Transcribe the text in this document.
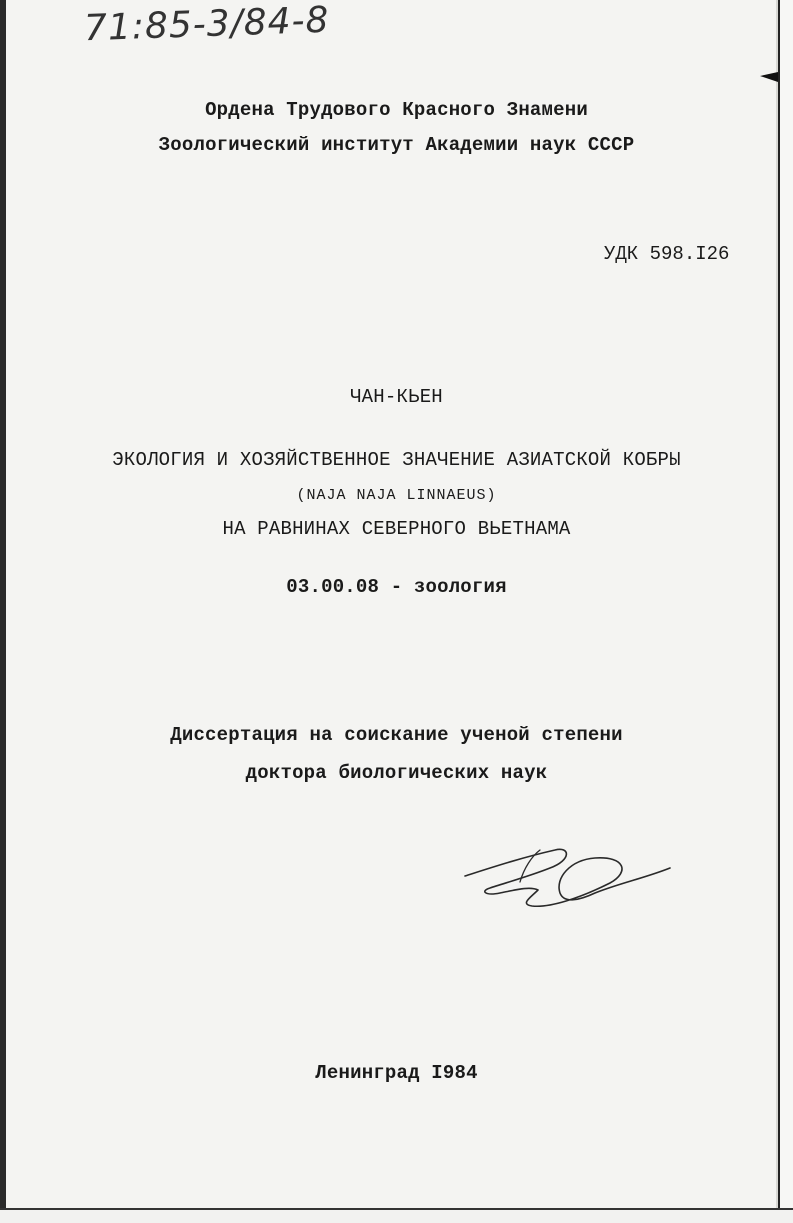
71:85-3/84-8
Ордена Трудового Красного Знамени
Зоологический институт Академии наук СССР
УДК 598.I26
ЧАН-КЬЕН
ЭКОЛОГИЯ И ХОЗЯЙСТВЕННОЕ ЗНАЧЕНИЕ АЗИАТСКОЙ КОБРЫ
(NAJA NAJA LINNAEUS)
НА РАВНИНАХ СЕВЕРНОГО ВЬЕТНАМА
03.00.08 - зоология
Диссертация на соискание ученой степени
доктора биологических наук
Ленинград I984
